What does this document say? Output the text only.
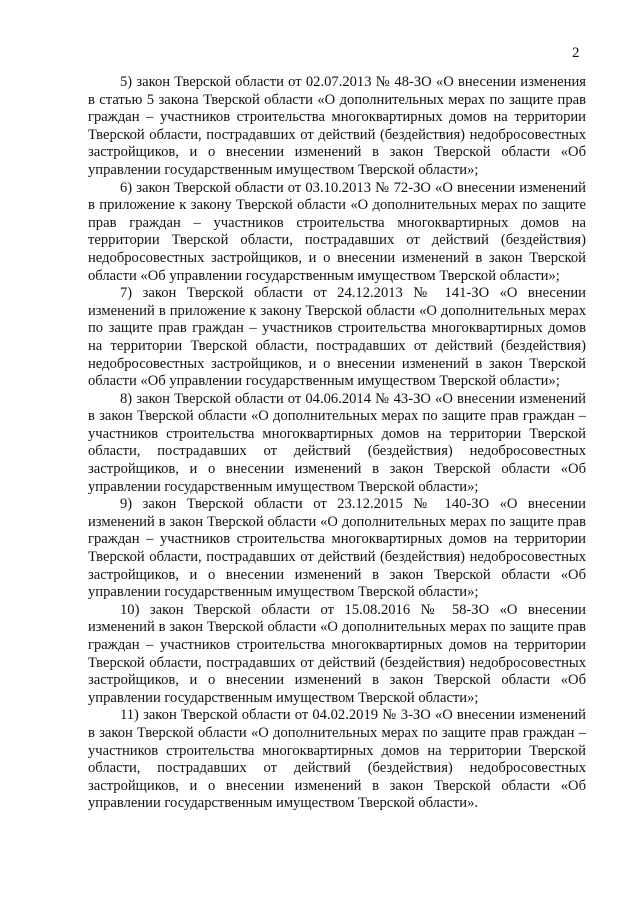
2

5) закон Тверской области от 02.07.2013 № 48-ЗО «О внесении изменения в статью 5 закона Тверской области «О дополнительных мерах по защите прав граждан – участников строительства многоквартирных домов на территории Тверской области, пострадавших от действий (бездействия) недобросовестных застройщиков, и о внесении изменений в закон Тверской области «Об управлении государственным имуществом Тверской области»;

6) закон Тверской области от 03.10.2013 № 72-ЗО «О внесении изменений в приложение к закону Тверской области «О дополнительных мерах по защите прав граждан – участников строительства многоквартирных домов на территории Тверской области, пострадавших от действий (бездействия) недобросовестных застройщиков, и о внесении изменений в закон Тверской области «Об управлении государственным имуществом Тверской области»;

7) закон Тверской области от 24.12.2013 № 141-ЗО «О внесении изменений в приложение к закону Тверской области «О дополнительных мерах по защите прав граждан – участников строительства многоквартирных домов на территории Тверской области, пострадавших от действий (бездействия) недобросовестных застройщиков, и о внесении изменений в закон Тверской области «Об управлении государственным имуществом Тверской области»;

8) закон Тверской области от 04.06.2014 № 43-ЗО «О внесении изменений в закон Тверской области «О дополнительных мерах по защите прав граждан – участников строительства многоквартирных домов на территории Тверской области, пострадавших от действий (бездействия) недобросовестных застройщиков, и о внесении изменений в закон Тверской области «Об управлении государственным имуществом Тверской области»;

9) закон Тверской области от 23.12.2015 № 140-ЗО «О внесении изменений в закон Тверской области «О дополнительных мерах по защите прав граждан – участников строительства многоквартирных домов на территории Тверской области, пострадавших от действий (бездействия) недобросовестных застройщиков, и о внесении изменений в закон Тверской области «Об управлении государственным имуществом Тверской области»;

10) закон Тверской области от 15.08.2016 № 58-ЗО «О внесении изменений в закон Тверской области «О дополнительных мерах по защите прав граждан – участников строительства многоквартирных домов на территории Тверской области, пострадавших от действий (бездействия) недобросовестных застройщиков, и о внесении изменений в закон Тверской области «Об управлении государственным имуществом Тверской области»;

11) закон Тверской области от 04.02.2019 № 3-ЗО «О внесении изменений в закон Тверской области «О дополнительных мерах по защите прав граждан – участников строительства многоквартирных домов на территории Тверской области, пострадавших от действий (бездействия) недобросовестных застройщиков, и о внесении изменений в закон Тверской области «Об управлении государственным имуществом Тверской области».
